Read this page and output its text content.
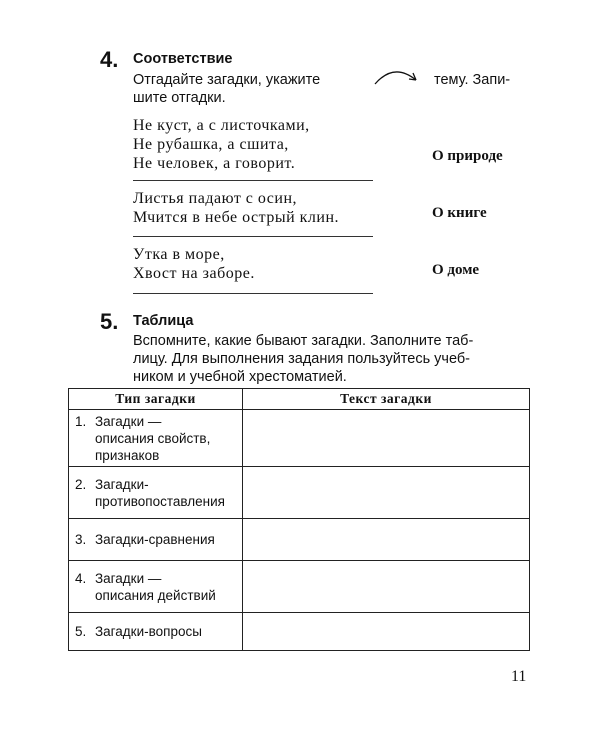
4. Соответствие
Отгадайте загадки, укажите	тему. Запи-
шите отгадки.
Не куст, а с листочками,
Не рубашка, а сшита,
Не человек, а говорит.	О природе
Листья падают с осин,
Мчится в небе острый клин.	О книге
Утка в море,
Хвост на заборе.	О доме
5. Таблица
Вспомните, какие бывают загадки. Заполните таб-
лицу. Для выполнения задания пользуйтесь учеб-
ником и учебной хрестоматией.
Тип загадки	Текст загадки

1. Загадки —
описания свойств,
признаков	

2. Загадки-
противопоставления	

3. Загадки-сравнения	

4. Загадки —
описания действий	

5. Загадки-вопросы	

11
